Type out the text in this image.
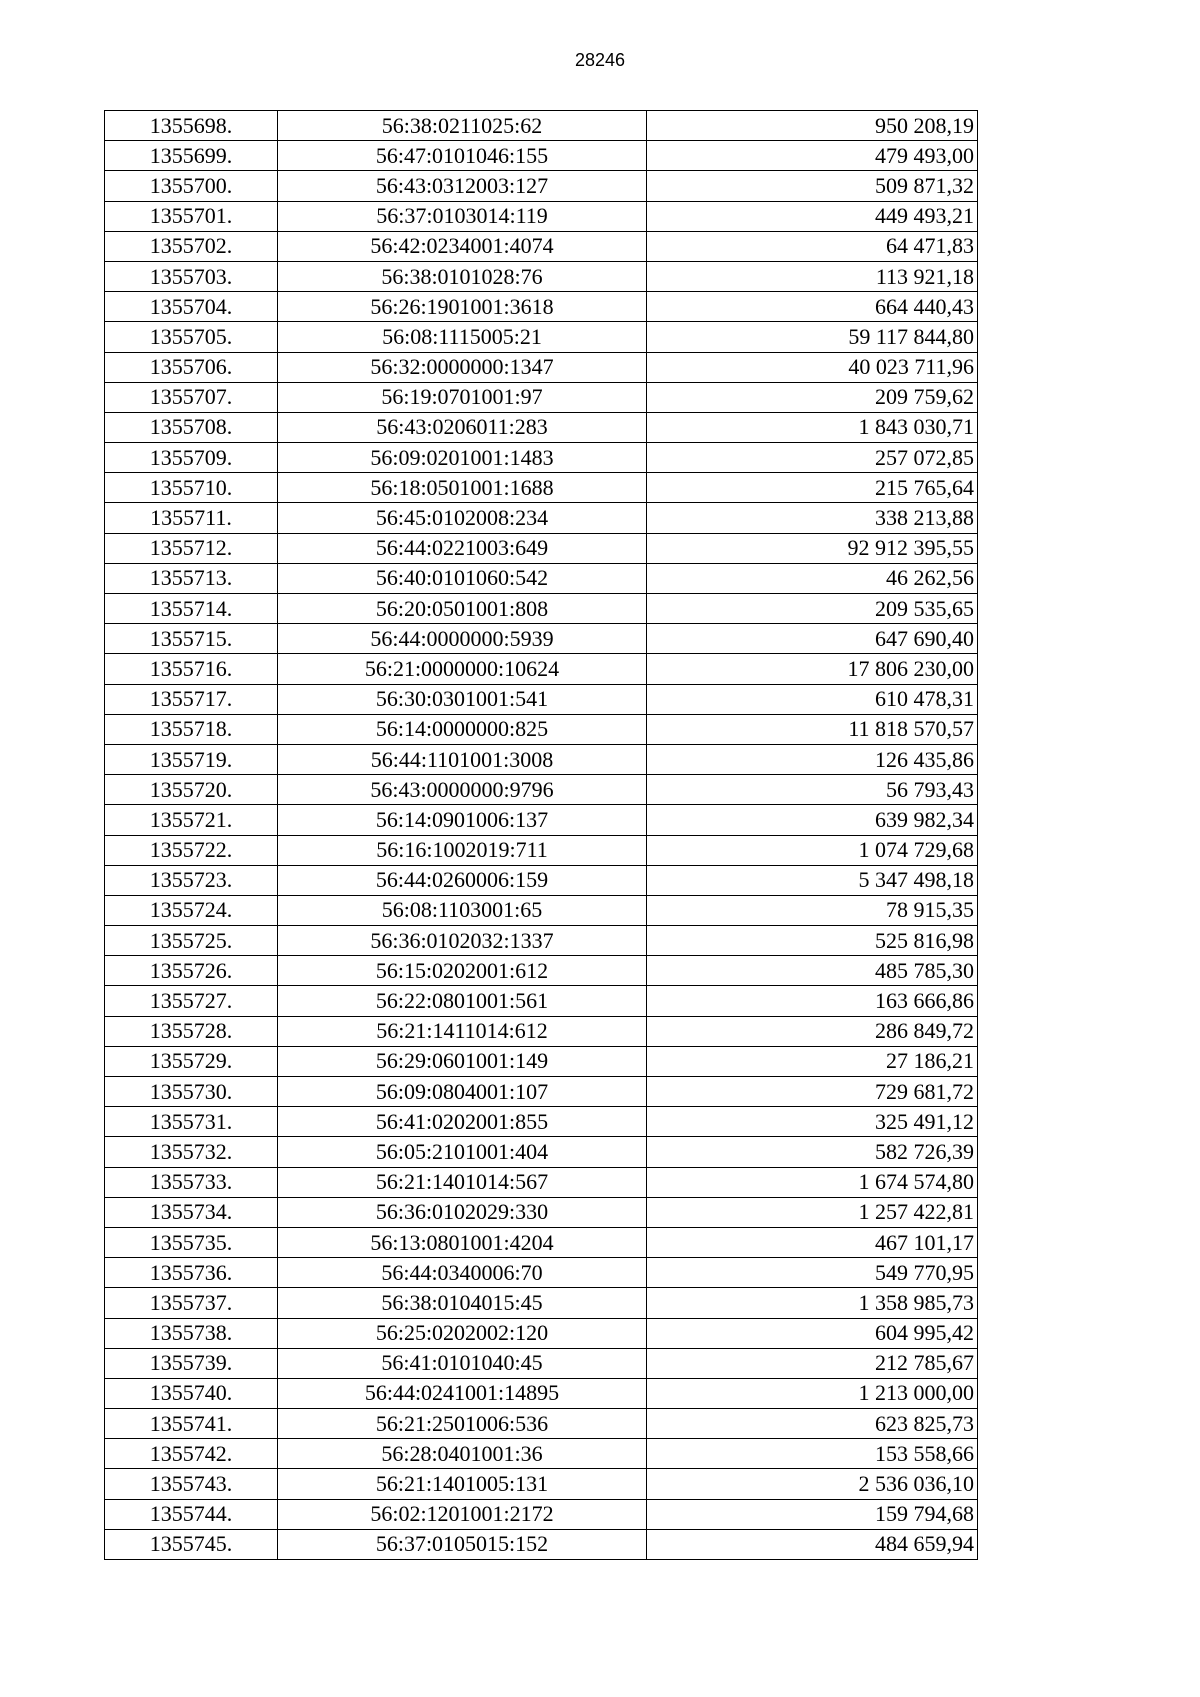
28246
1355698.	56:38:0211025:62	950 208,19
1355699.	56:47:0101046:155	479 493,00
1355700.	56:43:0312003:127	509 871,32
1355701.	56:37:0103014:119	449 493,21
1355702.	56:42:0234001:4074	64 471,83
1355703.	56:38:0101028:76	113 921,18
1355704.	56:26:1901001:3618	664 440,43
1355705.	56:08:1115005:21	59 117 844,80
1355706.	56:32:0000000:1347	40 023 711,96
1355707.	56:19:0701001:97	209 759,62
1355708.	56:43:0206011:283	1 843 030,71
1355709.	56:09:0201001:1483	257 072,85
1355710.	56:18:0501001:1688	215 765,64
1355711.	56:45:0102008:234	338 213,88
1355712.	56:44:0221003:649	92 912 395,55
1355713.	56:40:0101060:542	46 262,56
1355714.	56:20:0501001:808	209 535,65
1355715.	56:44:0000000:5939	647 690,40
1355716.	56:21:0000000:10624	17 806 230,00
1355717.	56:30:0301001:541	610 478,31
1355718.	56:14:0000000:825	11 818 570,57
1355719.	56:44:1101001:3008	126 435,86
1355720.	56:43:0000000:9796	56 793,43
1355721.	56:14:0901006:137	639 982,34
1355722.	56:16:1002019:711	1 074 729,68
1355723.	56:44:0260006:159	5 347 498,18
1355724.	56:08:1103001:65	78 915,35
1355725.	56:36:0102032:1337	525 816,98
1355726.	56:15:0202001:612	485 785,30
1355727.	56:22:0801001:561	163 666,86
1355728.	56:21:1411014:612	286 849,72
1355729.	56:29:0601001:149	27 186,21
1355730.	56:09:0804001:107	729 681,72
1355731.	56:41:0202001:855	325 491,12
1355732.	56:05:2101001:404	582 726,39
1355733.	56:21:1401014:567	1 674 574,80
1355734.	56:36:0102029:330	1 257 422,81
1355735.	56:13:0801001:4204	467 101,17
1355736.	56:44:0340006:70	549 770,95
1355737.	56:38:0104015:45	1 358 985,73
1355738.	56:25:0202002:120	604 995,42
1355739.	56:41:0101040:45	212 785,67
1355740.	56:44:0241001:14895	1 213 000,00
1355741.	56:21:2501006:536	623 825,73
1355742.	56:28:0401001:36	153 558,66
1355743.	56:21:1401005:131	2 536 036,10
1355744.	56:02:1201001:2172	159 794,68
1355745.	56:37:0105015:152	484 659,94
